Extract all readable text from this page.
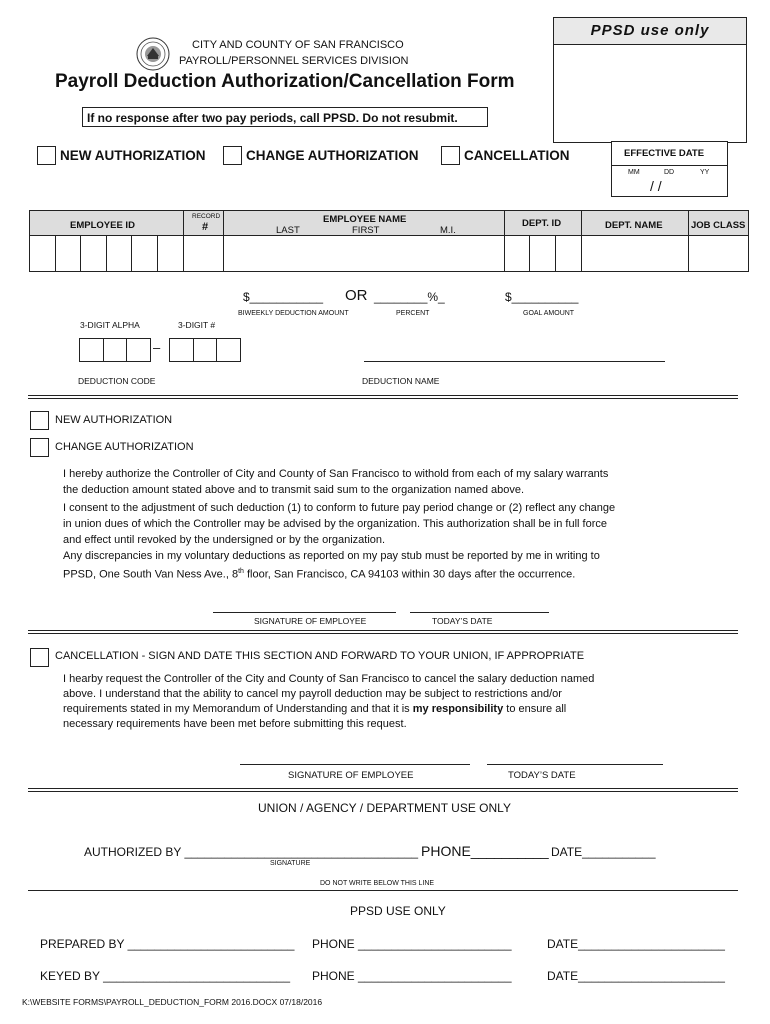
PPSD use only
CITY AND COUNTY OF SAN FRANCISCO
PAYROLL/PERSONNEL SERVICES DIVISION
Payroll Deduction Authorization/Cancellation Form
If no response after two pay periods, call PPSD. Do not resubmit.
NEW AUTHORIZATION	CHANGE AUTHORIZATION	CANCELLATION	EFFECTIVE DATE
MM	DD	YY
/ /
EMPLOYEE ID
RECORD
#
EMPLOYEE NAME
LAST	FIRST	M.I.
DEPT. ID	DEPT. NAME	JOB CLASS
$___________ OR ________%_	$__________
BIWEEKLY DEDUCTION AMOUNT	PERCENT	GOAL AMOUNT
3-DIGIT ALPHA	3-DIGIT #
–
DEDUCTION CODE	DEDUCTION NAME
NEW AUTHORIZATION
CHANGE AUTHORIZATION
I hereby authorize the Controller of City and County of San Francisco to withold from each of my salary warrants
the deduction amount stated above and to transmit said sum to the organization named above.
I consent to the adjustment of such deduction (1) to conform to future pay period change or (2) reflect any change
in union dues of which the Controller may be advised by the organization. This authorization shall be in full force
and effect until revoked by the undersigned or by the organization.
Any discrepancies in my voluntary deductions as reported on my pay stub must be reported by me in writing to
PPSD, One South Van Ness Ave., 8th floor, San Francisco, CA 94103 within 30 days after the occurrence.
SIGNATURE OF EMPLOYEE	TODAY’S DATE
CANCELLATION - SIGN AND DATE THIS SECTION AND FORWARD TO YOUR UNION, IF APPROPRIATE
I hearby request the Controller of the City and County of San Francisco to cancel the salary deduction named
above. I understand that the ability to cancel my payroll deduction may be subject to restrictions and/or
requirements stated in my Memorandum of Understanding and that it is my responsibility to ensure all
necessary requirements have been met before submitting this request.
SIGNATURE OF EMPLOYEE	TODAY’S DATE
UNION / AGENCY / DEPARTMENT USE ONLY
AUTHORIZED BY ___________________________________ PHONE__________ DATE___________
SIGNATURE
DO NOT WRITE BELOW THIS LINE
PPSD USE ONLY
PREPARED BY _________________________ PHONE _______________________	DATE______________________
KEYED BY ____________________________ PHONE _______________________	DATE______________________
K:\WEBSITE FORMS\PAYROLL_DEDUCTION_FORM 2016.DOCX 07/18/2016
